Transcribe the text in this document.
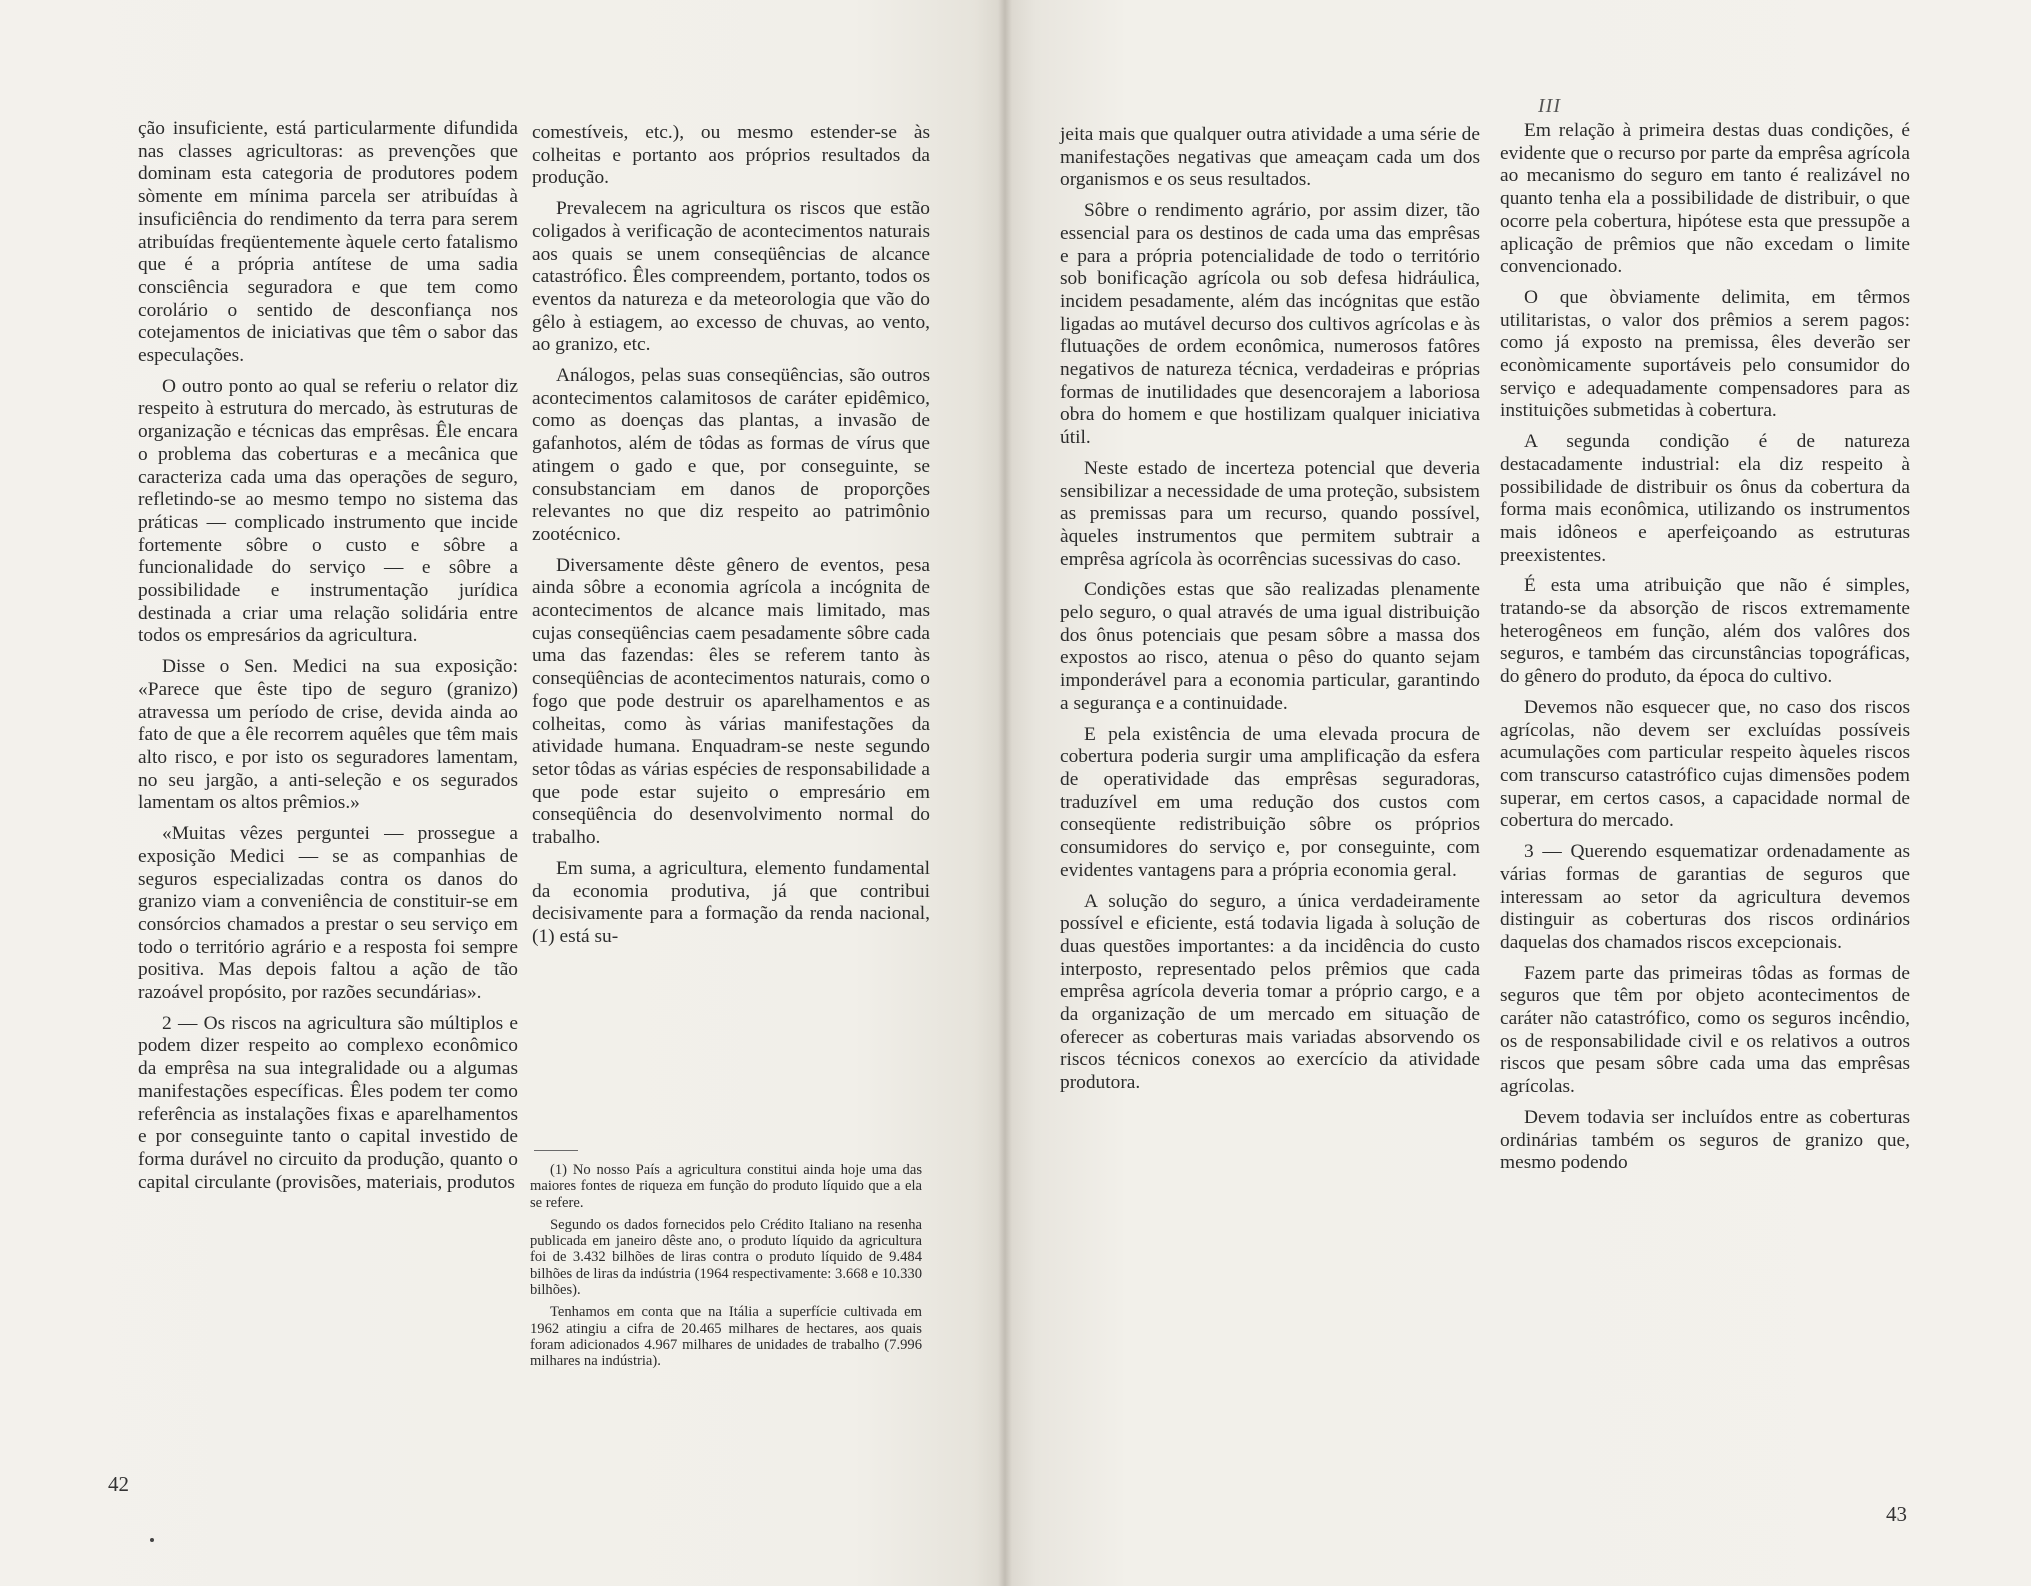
ção insuficiente, está particularmente difundida nas classes agricultoras: as prevenções que dominam esta categoria de produtores podem sòmente em mínima parcela ser atribuídas à insuficiência do rendimento da terra para serem atribuídas freqüentemente àquele certo fatalismo que é a própria antítese de uma sadia consciência seguradora e que tem como corolário o sentido de desconfiança nos cotejamentos de iniciativas que têm o sabor das especulações.

O outro ponto ao qual se referiu o relator diz respeito à estrutura do mercado, às estruturas de organização e técnicas das emprêsas. Êle encara o problema das coberturas e a mecânica que caracteriza cada uma das operações de seguro, refletindo-se ao mesmo tempo no sistema das práticas — complicado instrumento que incide fortemente sôbre o custo e sôbre a funcionalidade do serviço — e sôbre a possibilidade e instrumentação jurídica destinada a criar uma relação solidária entre todos os empresários da agricultura.

Disse o Sen. Medici na sua exposição: «Parece que êste tipo de seguro (granizo) atravessa um período de crise, devida ainda ao fato de que a êle recorrem aquêles que têm mais alto risco, e por isto os seguradores lamentam, no seu jargão, a anti-seleção e os segurados lamentam os altos prêmios.»

«Muitas vêzes perguntei — prossegue a exposição Medici — se as companhias de seguros especializadas contra os danos do granizo viam a conveniência de constituir-se em consórcios chamados a prestar o seu serviço em todo o território agrário e a resposta foi sempre positiva. Mas depois faltou a ação de tão razoável propósito, por razões secundárias».

2 — Os riscos na agricultura são múltiplos e podem dizer respeito ao complexo econômico da emprêsa na sua integralidade ou a algumas manifestações específicas. Êles podem ter como referência as instalações fixas e aparelhamentos e por conseguinte tanto o capital investido de forma durável no circuito da produção, quanto o capital circulante (provisões, materiais, produtos

comestíveis, etc.), ou mesmo estender-se às colheitas e portanto aos próprios resultados da produção.

Prevalecem na agricultura os riscos que estão coligados à verificação de acontecimentos naturais aos quais se unem conseqüências de alcance catastrófico. Êles compreendem, portanto, todos os eventos da natureza e da meteorologia que vão do gêlo à estiagem, ao excesso de chuvas, ao vento, ao granizo, etc.

Análogos, pelas suas conseqüências, são outros acontecimentos calamitosos de caráter epidêmico, como as doenças das plantas, a invasão de gafanhotos, além de tôdas as formas de vírus que atingem o gado e que, por conseguinte, se consubstanciam em danos de proporções relevantes no que diz respeito ao patrimônio zootécnico.

Diversamente dêste gênero de eventos, pesa ainda sôbre a economia agrícola a incógnita de acontecimentos de alcance mais limitado, mas cujas conseqüências caem pesadamente sôbre cada uma das fazendas: êles se referem tanto às conseqüências de acontecimentos naturais, como o fogo que pode destruir os aparelhamentos e as colheitas, como às várias manifestações da atividade humana. Enquadram-se neste segundo setor tôdas as várias espécies de responsabilidade a que pode estar sujeito o empresário em conseqüência do desenvolvimento normal do trabalho.

Em suma, a agricultura, elemento fundamental da economia produtiva, já que contribui decisivamente para a formação da renda nacional, (1) está su-

(1) No nosso País a agricultura constitui ainda hoje uma das maiores fontes de riqueza em função do produto líquido que a ela se refere.

Segundo os dados fornecidos pelo Crédito Italiano na resenha publicada em janeiro dêste ano, o produto líquido da agricultura foi de 3.432 bilhões de liras contra o produto líquido de 9.484 bilhões de liras da indústria (1964 respectivamente: 3.668 e 10.330 bilhões).

Tenhamos em conta que na Itália a superfície cultivada em 1962 atingiu a cifra de 20.465 milhares de hectares, aos quais foram adicionados 4.967 milhares de unidades de trabalho (7.996 milhares na indústria).

42

jeita mais que qualquer outra atividade a uma série de manifestações negativas que ameaçam cada um dos organismos e os seus resultados.

Sôbre o rendimento agrário, por assim dizer, tão essencial para os destinos de cada uma das emprêsas e para a própria potencialidade de todo o território sob bonificação agrícola ou sob defesa hidráulica, incidem pesadamente, além das incógnitas que estão ligadas ao mutável decurso dos cultivos agrícolas e às flutuações de ordem econômica, numerosos fatôres negativos de natureza técnica, verdadeiras e próprias formas de inutilidades que desencorajem a laboriosa obra do homem e que hostilizam qualquer iniciativa útil.

Neste estado de incerteza potencial que deveria sensibilizar a necessidade de uma proteção, subsistem as premissas para um recurso, quando possível, àqueles instrumentos que permitem subtrair a emprêsa agrícola às ocorrências sucessivas do caso.

Condições estas que são realizadas plenamente pelo seguro, o qual através de uma igual distribuição dos ônus potenciais que pesam sôbre a massa dos expostos ao risco, atenua o pêso do quanto sejam imponderável para a economia particular, garantindo a segurança e a continuidade.

E pela existência de uma elevada procura de cobertura poderia surgir uma amplificação da esfera de operatividade das emprêsas seguradoras, traduzível em uma redução dos custos com conseqüente redistribuição sôbre os próprios consumidores do serviço e, por conseguinte, com evidentes vantagens para a própria economia geral.

A solução do seguro, a única verdadeiramente possível e eficiente, está todavia ligada à solução de duas questões importantes: a da incidência do custo interposto, representado pelos prêmios que cada emprêsa agrícola deveria tomar a próprio cargo, e a da organização de um mercado em situação de oferecer as coberturas mais variadas absorvendo os riscos técnicos conexos ao exercício da atividade produtora.

Em relação à primeira destas duas condições, é evidente que o recurso por parte da emprêsa agrícola ao mecanismo do seguro em tanto é realizável no quanto tenha ela a possibilidade de distribuir, o que ocorre pela cobertura, hipótese esta que pressupõe a aplicação de prêmios que não excedam o limite convencionado.

O que òbviamente delimita, em têrmos utilitaristas, o valor dos prêmios a serem pagos: como já exposto na premissa, êles deverão ser econòmicamente suportáveis pelo consumidor do serviço e adequadamente compensadores para as instituições submetidas à cobertura.

A segunda condição é de natureza destacadamente industrial: ela diz respeito à possibilidade de distribuir os ônus da cobertura da forma mais econômica, utilizando os instrumentos mais idôneos e aperfeiçoando as estruturas preexistentes.

É esta uma atribuição que não é simples, tratando-se da absorção de riscos extremamente heterogêneos em função, além dos valôres dos seguros, e também das circunstâncias topográficas, do gênero do produto, da época do cultivo.

Devemos não esquecer que, no caso dos riscos agrícolas, não devem ser excluídas possíveis acumulações com particular respeito àqueles riscos com transcurso catastrófico cujas dimensões podem superar, em certos casos, a capacidade normal de cobertura do mercado.

3 — Querendo esquematizar ordenadamente as várias formas de garantias de seguros que interessam ao setor da agricultura devemos distinguir as coberturas dos riscos ordinários daquelas dos chamados riscos excepcionais.

Fazem parte das primeiras tôdas as formas de seguros que têm por objeto acontecimentos de caráter não catastrófico, como os seguros incêndio, os de responsabilidade civil e os relativos a outros riscos que pesam sôbre cada uma das emprêsas agrícolas.

Devem todavia ser incluídos entre as coberturas ordinárias também os seguros de granizo que, mesmo podendo

III
43
